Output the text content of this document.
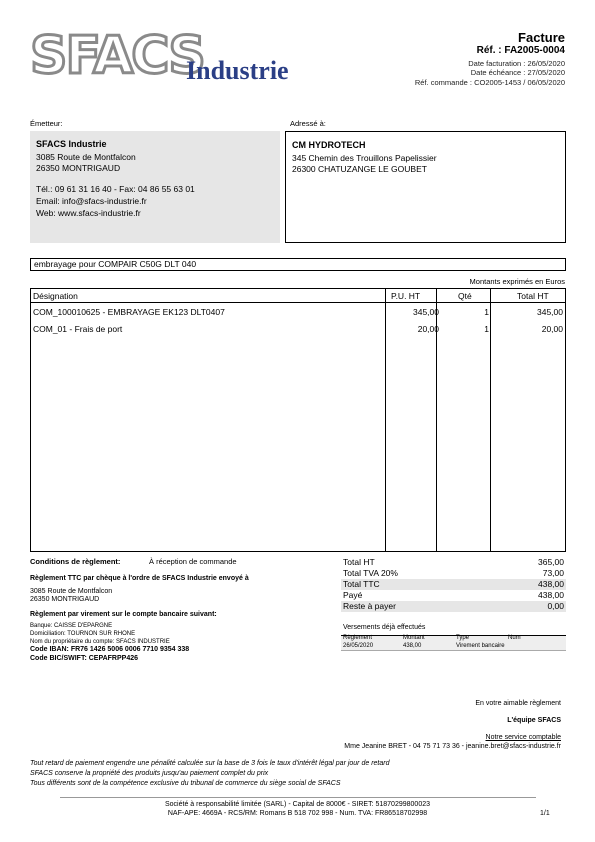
SFACS
Industrie
Facture
Réf. : FA2005-0004
Date facturation : 26/05/2020
Date échéance : 27/05/2020
Réf. commande : CO2005-1453 / 06/05/2020
Émetteur:	Adressé à:
SFACS Industrie
3085 Route de Montfalcon
26350 MONTRIGAUD
Tél.: 09 61 31 16 40 - Fax: 04 86 55 63 01
Email: info@sfacs-industrie.fr
Web: www.sfacs-industrie.fr
CM HYDROTECH
345 Chemin des Trouillons Papelissier
26300 CHATUZANGE LE GOUBET
embrayage pour COMPAIR C50G DLT 040
Montants exprimés en Euros
Désignation	P.U. HT	Qté	Total HT
COM_100010625 - EMBRAYAGE EK123 DLT0407	345,00	1	345,00
COM_01 - Frais de port	20,00	1	20,00
Conditions de règlement:	À réception de commande
Règlement TTC par chèque à l'ordre de SFACS Industrie envoyé à
3085 Route de Montfalcon
26350 MONTRIGAUD
Règlement par virement sur le compte bancaire suivant:
Banque: CAISSE D'EPARGNE
Domiciliation: TOURNON SUR RHONE
Nom du propriétaire du compte: SFACS INDUSTRIE
Code IBAN: FR76 1426 5006 0006 7710 9354 338
Code BIC/SWIFT: CEPAFRPP426
Total HT	365,00
Total TVA 20%	73,00
Total TTC	438,00
Payé	438,00
Reste à payer	0,00
Versements déjà effectués
Règlement	Montant	Type	Num
26/05/2020	438,00	Virement bancaire
En votre aimable règlement
L'équipe SFACS
Notre service comptable
Mme Jeanine BRET - 04 75 71 73 36 - jeanine.bret@sfacs-industrie.fr
Tout retard de paiement engendre une pénalité calculée sur la base de 3 fois le taux d'intérêt légal par jour de retard
SFACS conserve la propriété des produits jusqu'au paiement complet du prix
Tous différents sont de la compétence exclusive du tribunal de commerce du siège social de SFACS
Société à responsabilité limitée (SARL) - Capital de 8000€ - SIRET: 51870299800023
NAF-APE: 4669A - RCS/RM: Romans B 518 702 998 - Num. TVA: FR86518702998	1/1
